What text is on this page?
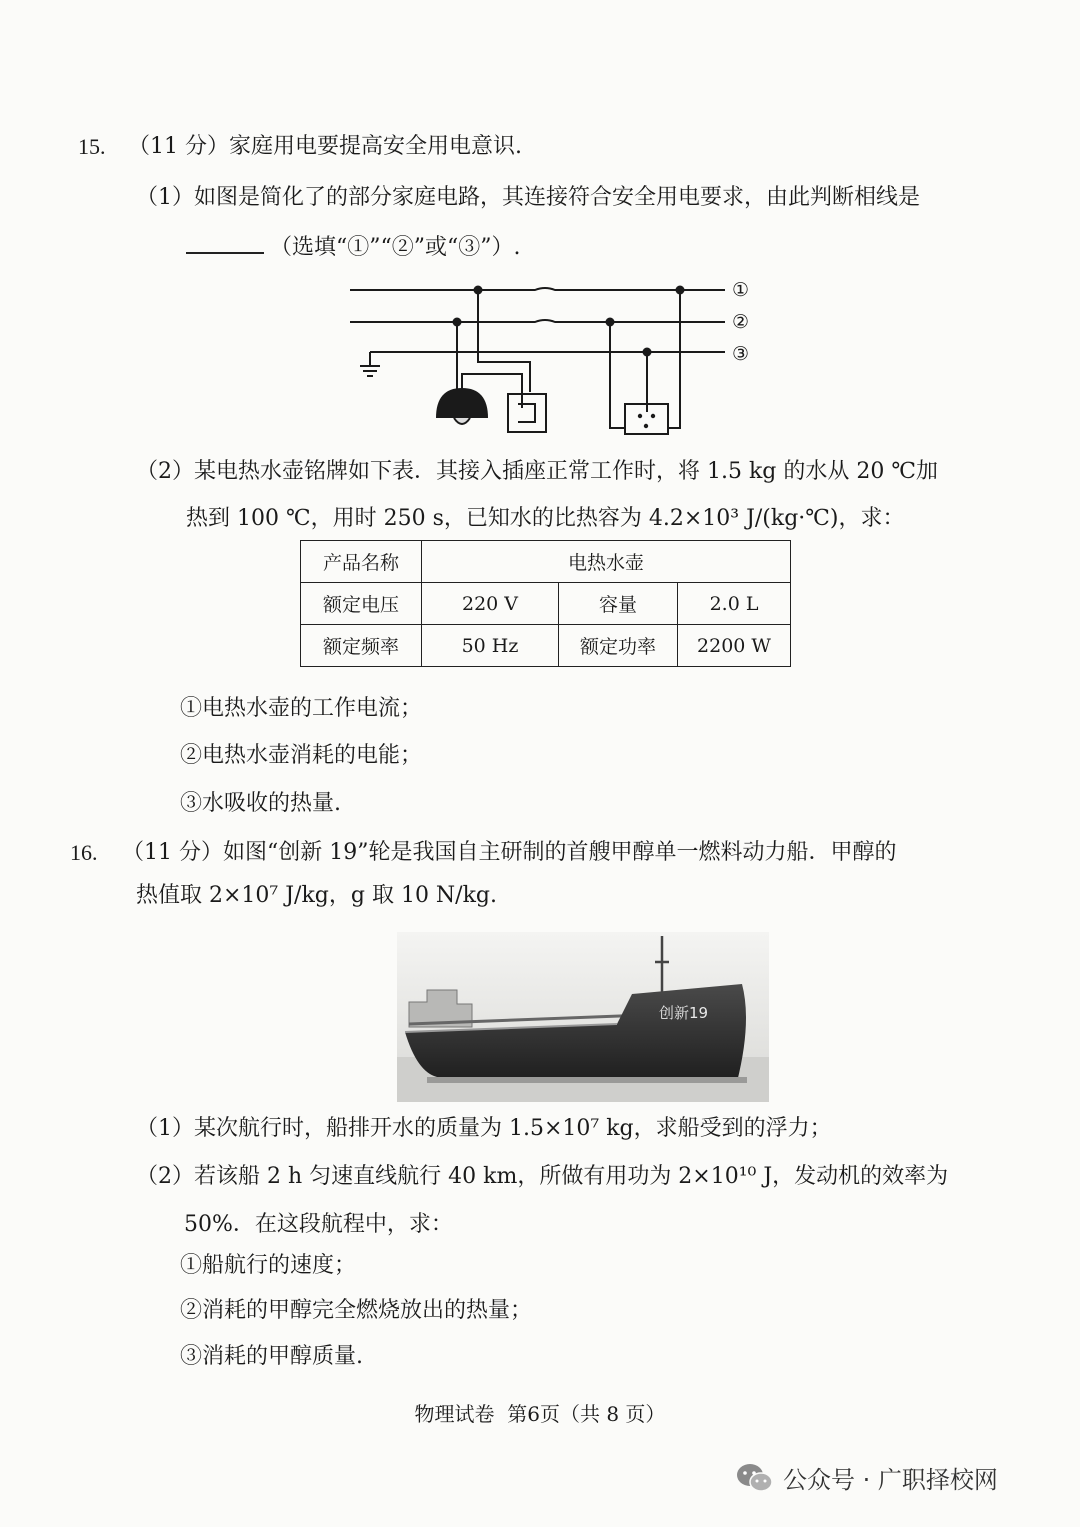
15. （11 分）家庭用电要提高安全用电意识.
（1）如图是简化了的部分家庭电路，其连接符合安全用电要求，由此判断相线是
（选填“①”“②”或“③”）.
①
②
③
（2）某电热水壶铭牌如下表．其接入插座正常工作时，将 1.5 kg 的水从 20 ℃加
热到 100 ℃，用时 250 s，已知水的比热容为 4.2×10³ J/(kg·℃)，求：
产品名称	电热水壶		
额定电压	220 V	容量	2.0 L
额定频率	50 Hz	额定功率	2200 W
①电热水壶的工作电流；
②电热水壶消耗的电能；
③水吸收的热量.
16. （11 分）如图“创新 19”轮是我国自主研制的首艘甲醇单一燃料动力船．甲醇的
热值取 2×10⁷ J/kg，g 取 10 N/kg.
创新19
（1）某次航行时，船排开水的质量为 1.5×10⁷ kg，求船受到的浮力；
（2）若该船 2 h 匀速直线航行 40 km，所做有用功为 2×10¹⁰ J，发动机的效率为
50%．在这段航程中，求：
①船航行的速度；
②消耗的甲醇完全燃烧放出的热量；
③消耗的甲醇质量.
物理试卷  第6页（共 8 页）
公众号 · 广职择校网
